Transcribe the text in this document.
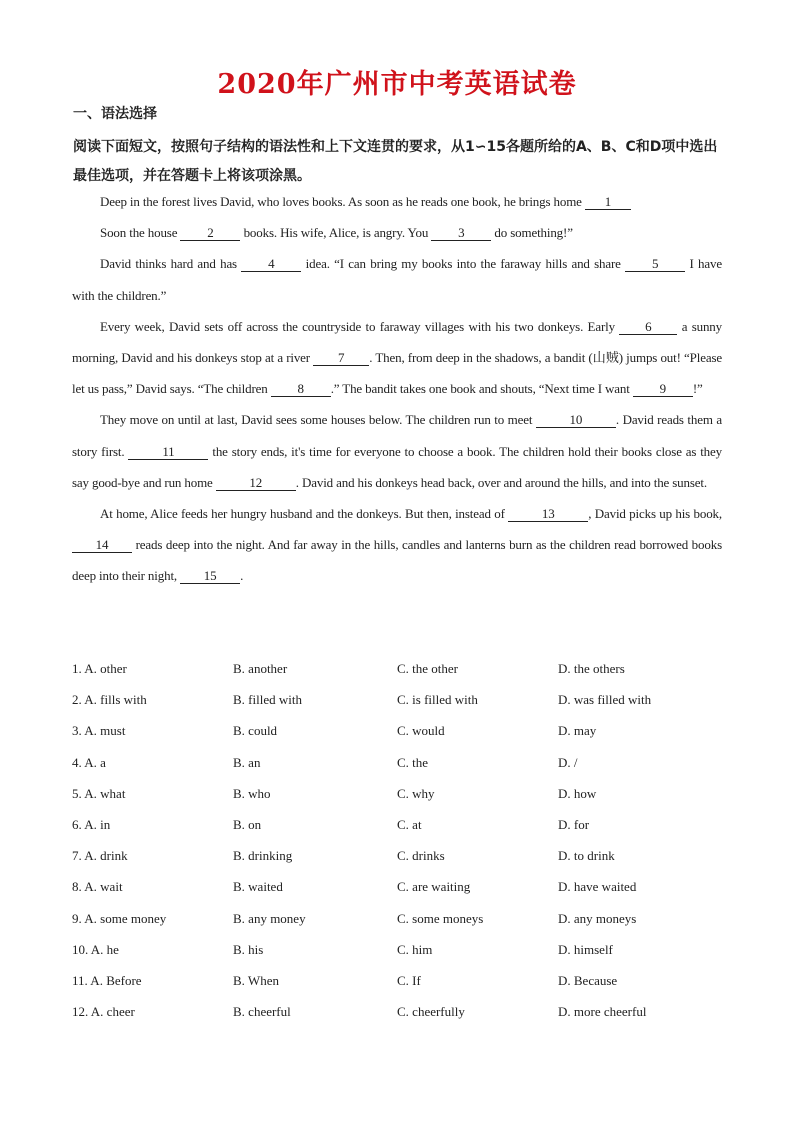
2020年广州市中考英语试卷
一、语法选择
阅读下面短文，按照句子结构的语法性和上下文连贯的要求，从1∽15各题所给的A、B、C和D项中选出最佳选项，并在答题卡上将该项涂黑。

Deep in the forest lives David, who loves books. As soon as he reads one book, he brings home 1

Soon the house 2 books. His wife, Alice, is angry. You 3 do something!”

David thinks hard and has 4 idea. “I can bring my books into the faraway hills and share 5 I have with the children.”

Every week, David sets off across the countryside to faraway villages with his two donkeys. Early 6 a sunny morning, David and his donkeys stop at a river 7 . Then, from deep in the shadows, a bandit (山贼) jumps out! “Please let us pass,” David says. “The children 8 .” The bandit takes one book and shouts, “Next time I want 9 !”

They move on until at last, David sees some houses below. The children run to meet	10	. David reads them a story first.	11	the story ends, it's time for everyone to choose a book. The children hold their books close as they say good-bye and run home	12	. David and his donkeys head back, over and around the hills, and into the sunset.

At home, Alice feeds her hungry husband and the donkeys. But then, instead of	13	, David picks up his book, 14 reads deep into the night. And far away in the hills, candles and lanterns burn as the children read borrowed books deep into their night, 15 .

1. A. other	B. another	C. the other	D. the others
2. A. fills with	B. filled with	C. is filled with	D. was filled with
3. A. must	B. could	C. would	D. may
4. A. a	B. an	C. the	D. /
5. A. what	B. who	C. why	D. how
6. A. in	B. on	C. at	D. for
7. A. drink	B. drinking	C. drinks	D. to drink
8. A. wait	B. waited	C. are waiting	D. have waited
9. A. some money	B. any money	C. some moneys	D. any moneys
10. A. he	B. his	C. him	D. himself
11. A. Before	B. When	C. If	D. Because
12. A. cheer	B. cheerful	C. cheerfully	D. more cheerful
